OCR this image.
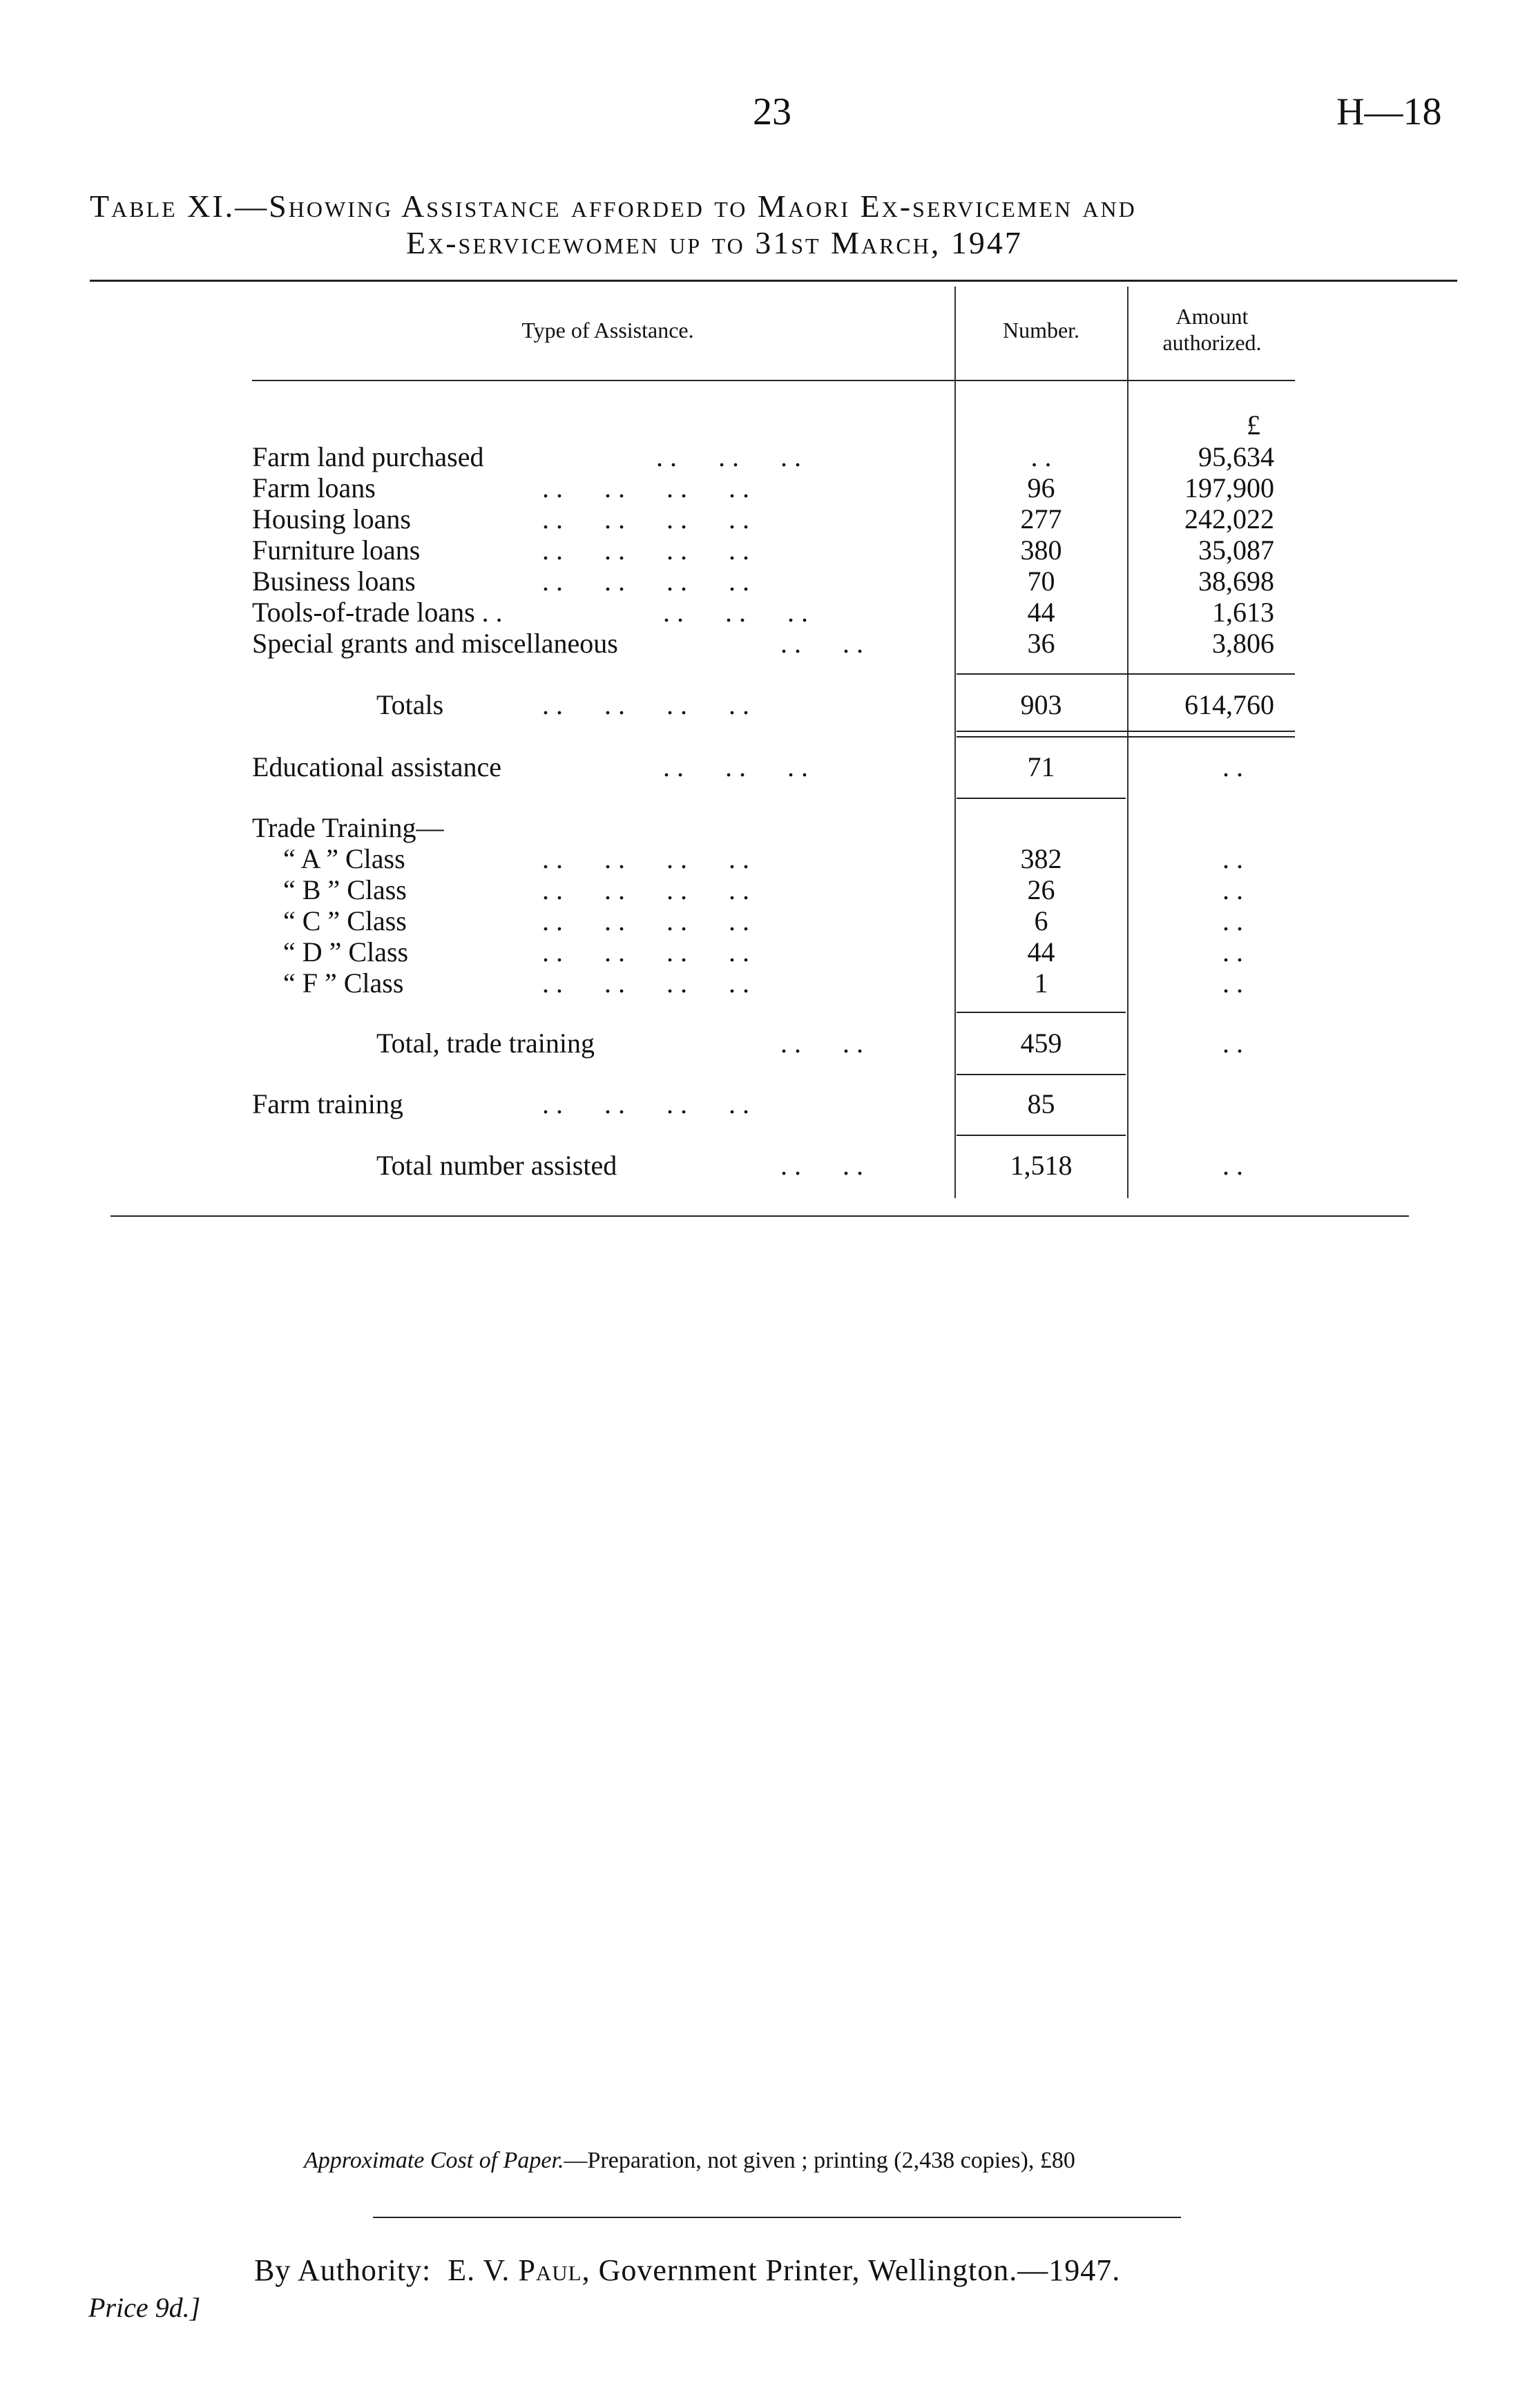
23	H—18
Table XI.—Showing Assistance afforded to Maori Ex-servicemen and
Ex-servicewomen up to 31st March, 1947
Type of Assistance.	Number.
Amount
authorized.
£
Farm land purchased	. .      . .      . .	. .	95,634
Farm loans	. .      . .      . .      . .	96	197,900
Housing loans	. .      . .      . .      . .	277	242,022
Furniture loans	. .      . .      . .      . .	380	35,087
Business loans	. .      . .      . .      . .	70	38,698
Tools-of-trade loans . .	. .      . .      . .	44	1,613
Special grants and miscellaneous	. .      . .	36	3,806
Totals	. .      . .      . .      . .	903	614,760
Educational assistance	. .      . .      . .	71	. .
Trade Training—
“ A ” Class	. .      . .      . .      . .	382	. .
“ B ” Class	. .      . .      . .      . .	26	. .
“ C ” Class	. .      . .      . .      . .	6	. .
“ D ” Class	. .      . .      . .      . .	44	. .
“ F ” Class	. .      . .      . .      . .	1	. .
Total, trade training	. .      . .	459	. .
Farm training	. .      . .      . .      . .	85
Total number assisted	. .      . .	1,518	. .
Approximate Cost of Paper.—Preparation, not given ; printing (2,438 copies), £80
By Authority:  E. V. Paul, Government Printer, Wellington.—1947.
Price 9d.]
